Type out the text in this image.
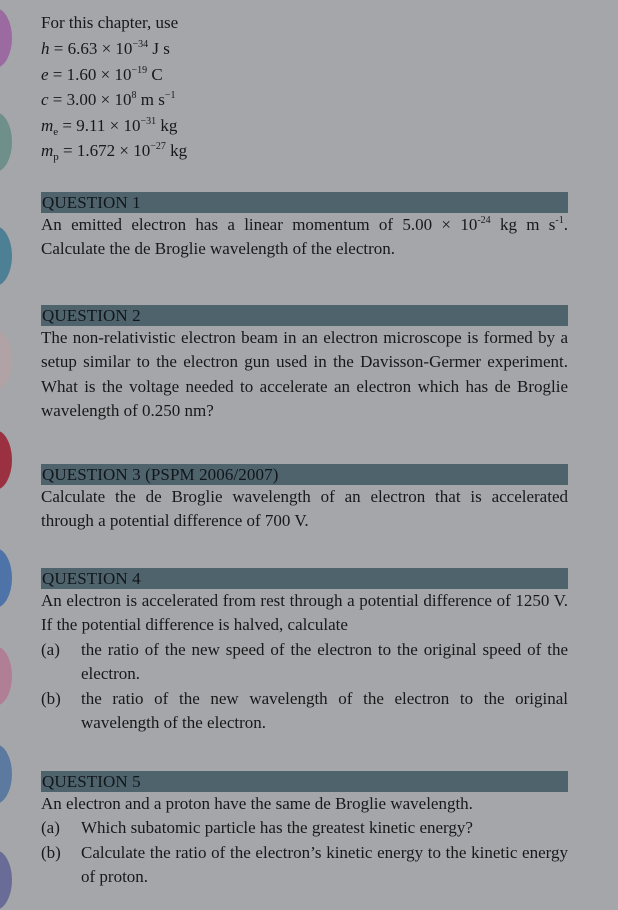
For this chapter, use
$h = 6.63 \times 10^{-34}$ J s
$e = 1.60 \times 10^{-19}$ C
$c = 3.00 \times 10^8$ m $s^{-1}$
$m_e = 9.11 \times 10^{-31}$ kg
$m_p = 1.672 \times 10^{-27}$ kg
QUESTION 1
An emitted electron has a linear momentum of $5.00 \times 10^{-24}$ kg m $s^{-1}$. Calculate the de Broglie wavelength of the electron.
QUESTION 2
The non-relativistic electron beam in an electron microscope is formed by a setup similar to the electron gun used in the Davisson-Germer experiment. What is the voltage needed to accelerate an electron which has de Broglie wavelength of 0.250 nm?
QUESTION 3 (PSPM 2006/2007)
Calculate the de Broglie wavelength of an electron that is accelerated through a potential difference of 700 V.
QUESTION 4
An electron is accelerated from rest through a potential difference of 1250 V. If the potential difference is halved, calculate
(a)	the ratio of the new speed of the electron to the original speed of the electron.
(b)	the ratio of the new wavelength of the electron to the original wavelength of the electron.
QUESTION 5
An electron and a proton have the same de Broglie wavelength.
(a)	Which subatomic particle has the greatest kinetic energy?
(b)	Calculate the ratio of the electron’s kinetic energy to the kinetic energy of proton.
